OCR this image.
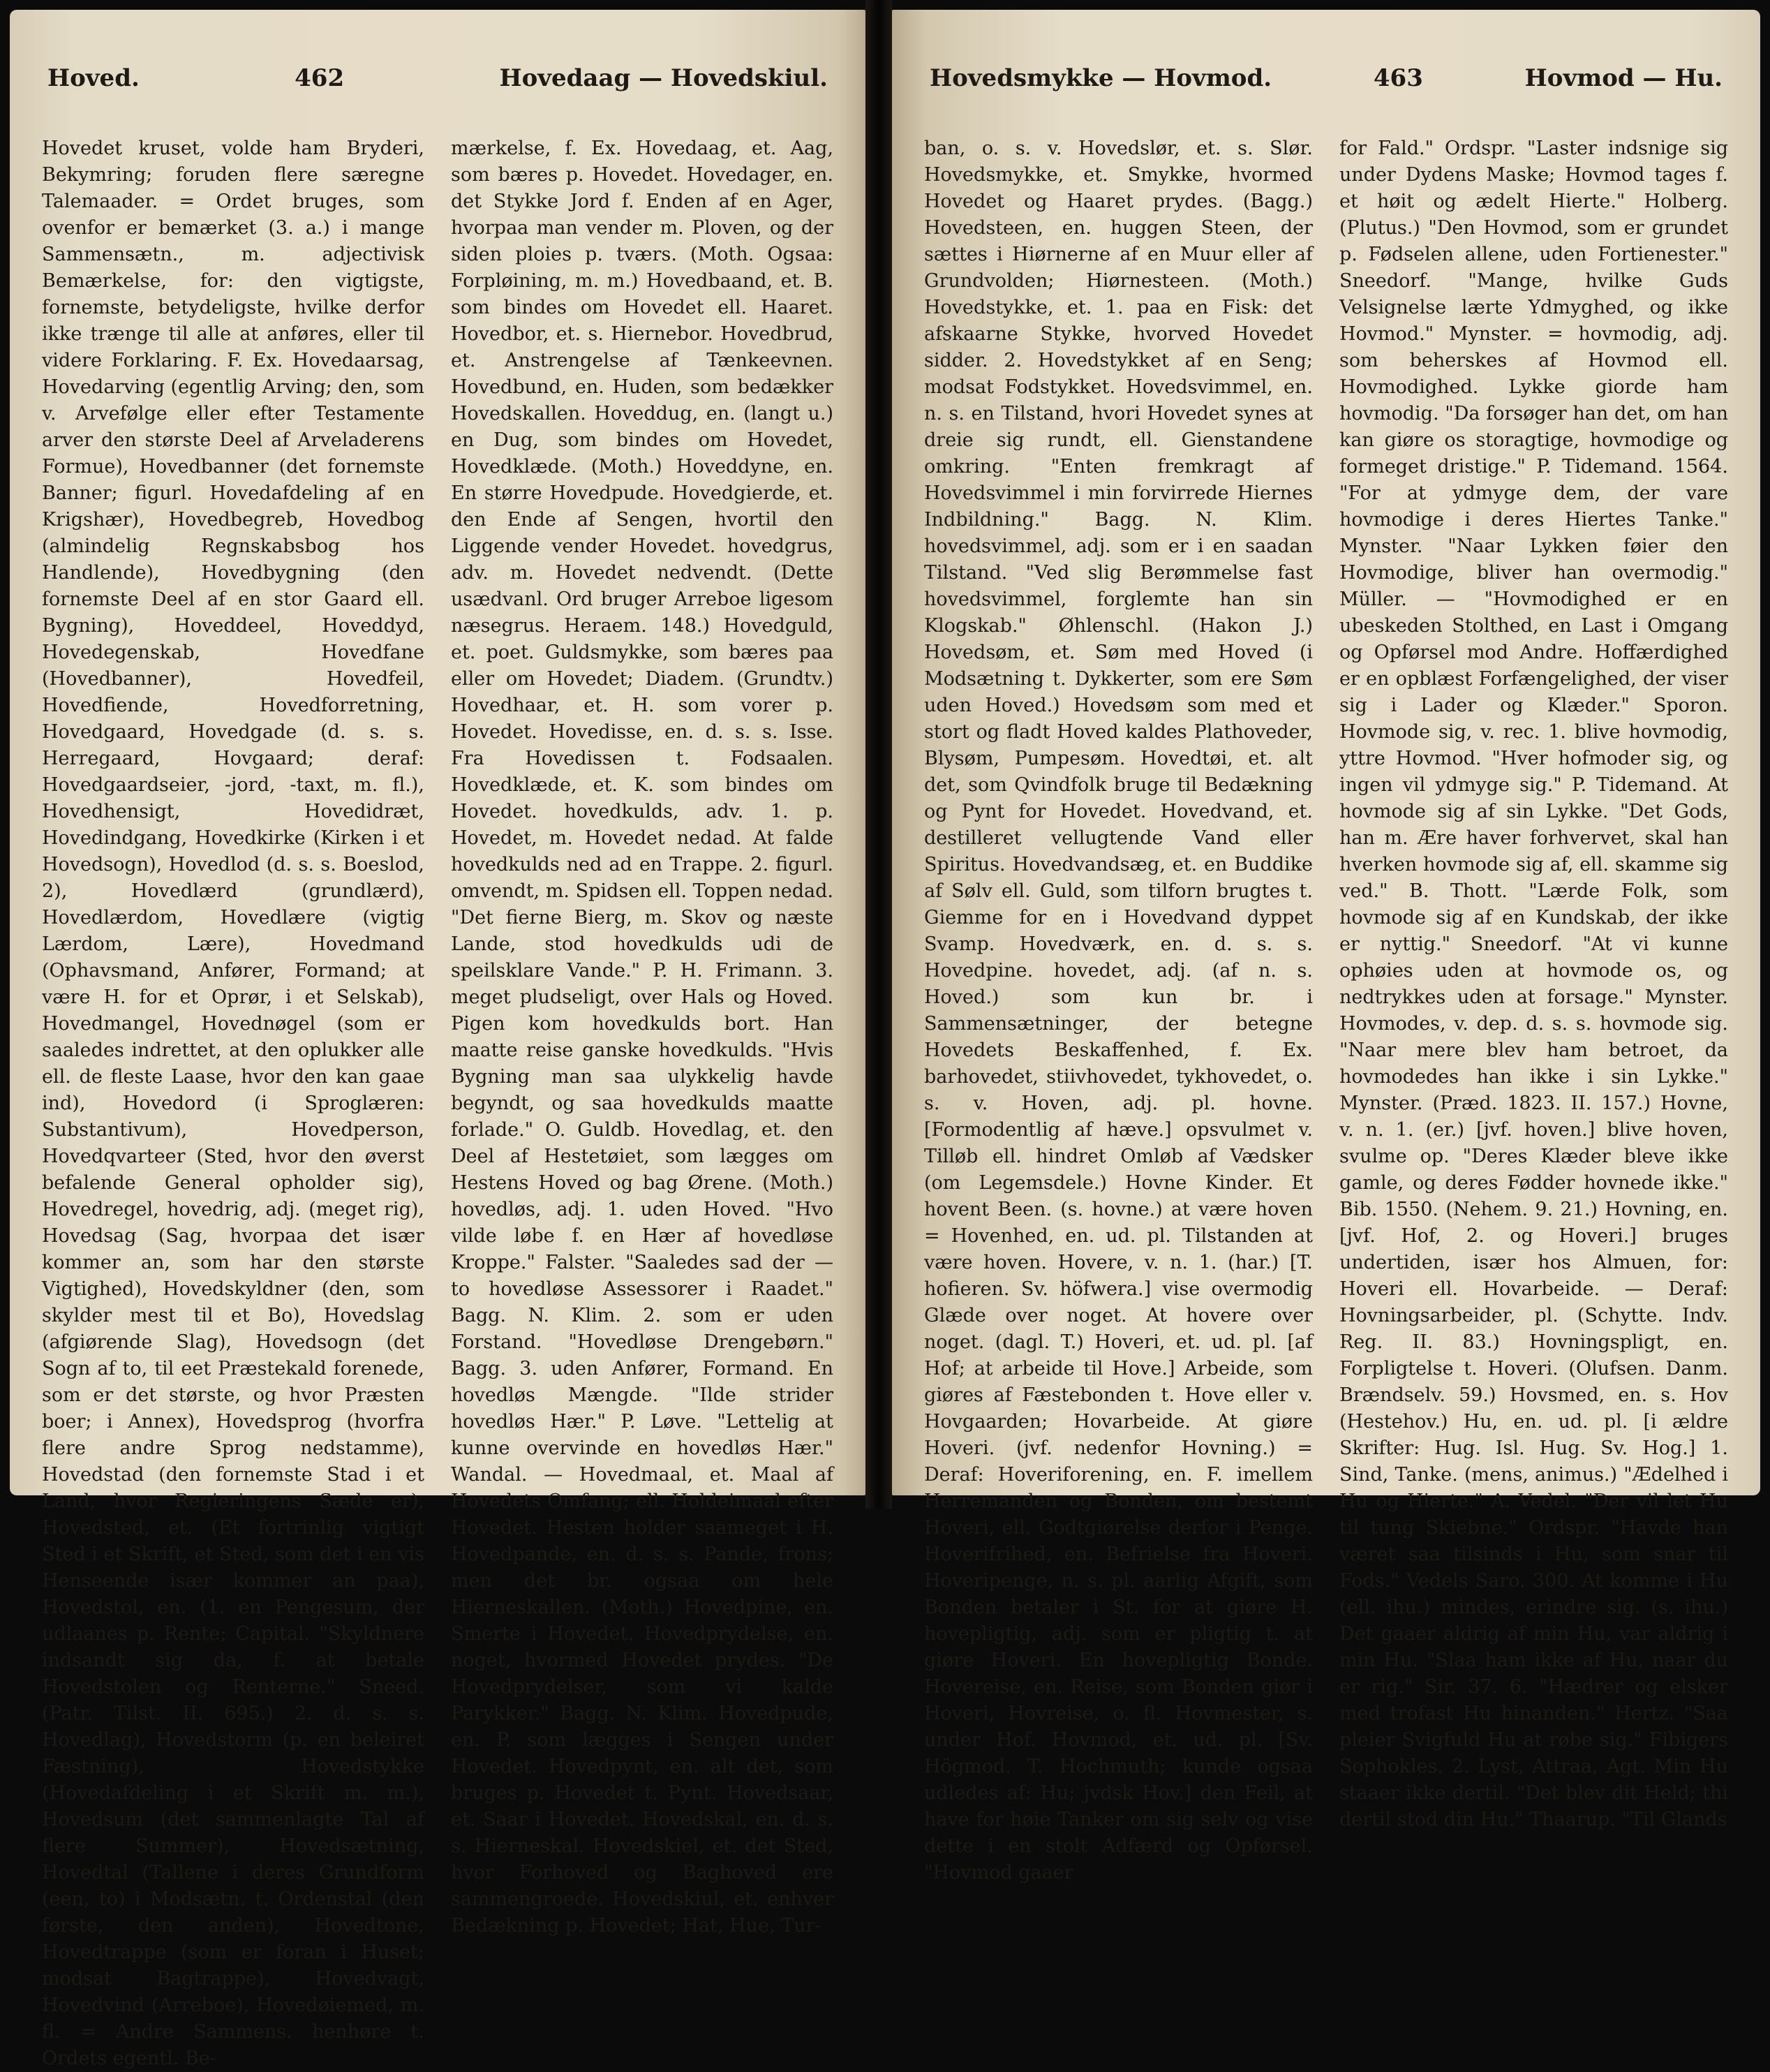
Hoved.	462	Hovedaag — Hovedskiul.

Hovedet kruset, volde ham Bryderi, Bekymring; foruden flere særegne Talemaader. = Ordet bruges, som ovenfor er bemærket (3. a.) i mange Sammensætn., m. adjectivisk Bemærkelse, for: den vigtigste, fornemste, betydeligste, hvilke derfor ikke trænge til alle at anføres, eller til videre Forklaring. F. Ex. Hovedaarsag, Hovedarving (egentlig Arving; den, som v. Arvefølge eller efter Testamente arver den største Deel af Arveladerens Formue), Hovedbanner (det fornemste Banner; figurl. Hovedafdeling af en Krigshær), Hovedbegreb, Hovedbog (almindelig Regnskabsbog hos Handlende), Hovedbygning (den fornemste Deel af en stor Gaard ell. Bygning), Hoveddeel, Hoveddyd, Hovedegenskab, Hovedfane (Hovedbanner), Hovedfeil, Hovedfiende, Hovedforretning, Hovedgaard, Hovedgade (d. s. s. Herregaard, Hovgaard; deraf: Hovedgaardseier, -jord, -taxt, m. fl.), Hovedhensigt, Hovedidræt, Hovedindgang, Hovedkirke (Kirken i et Hovedsogn), Hovedlod (d. s. s. Boeslod, 2), Hovedlærd (grundlærd), Hovedlærdom, Hovedlære (vigtig Lærdom, Lære), Hovedmand (Ophavsmand, Anfører, Formand; at være H. for et Oprør, i et Selskab), Hovedmangel, Hovednøgel (som er saaledes indrettet, at den oplukker alle ell. de fleste Laase, hvor den kan gaae ind), Hovedord (i Sproglæren: Substantivum), Hovedperson, Hovedqvarteer (Sted, hvor den øverst befalende General opholder sig), Hovedregel, hovedrig, adj. (meget rig), Hovedsag (Sag, hvorpaa det især kommer an, som har den største Vigtighed), Hovedskyldner (den, som skylder mest til et Bo), Hovedslag (afgiørende Slag), Hovedsogn (det Sogn af to, til eet Præstekald forenede, som er det største, og hvor Præsten boer; i Annex), Hovedsprog (hvorfra flere andre Sprog nedstamme), Hovedstad (den fornemste Stad i et Land, hvor Regieringens Sæde er), Hovedsted, et. (Et fortrinlig vigtigt Sted i et Skrift, et Sted, som det i en vis Henseende især kommer an paa), Hovedstol, en. (1. en Pengesum, der udlaanes p. Rente; Capital. "Skyldnere indsandt sig da, f. at betale Hovedstolen og Renterne." Sneed. (Patr. Tilst. II. 695.) 2. d. s. s. Hovedlag), Hovedstorm (p. en beleiret Fæstning), Hovedstykke (Hovedafdeling i et Skrift m. m.), Hovedsum (det sammenlagte Tal af flere Summer), Hovedsætning, Hovedtal (Tallene i deres Grundform (een, to) i Modsætn. t. Ordenstal (den første, den anden), Hovedtone, Hovedtrappe (som er foran i Huset; modsat Bagtrappe), Hovedvagt, Hovedvind (Arreboe), Hovedøiemed, m. fl. = Andre Sammens. henhøre t. Ordets egentl. Be-

mærkelse, f. Ex. Hovedaag, et. Aag, som bæres p. Hovedet. Hovedager, en. det Stykke Jord f. Enden af en Ager, hvorpaa man vender m. Ploven, og der siden ploies p. tværs. (Moth. Ogsaa: Forpløining, m. m.) Hovedbaand, et. B. som bindes om Hovedet ell. Haaret. Hovedbor, et. s. Hiernebor. Hovedbrud, et. Anstrengelse af Tænkeevnen. Hovedbund, en. Huden, som bedækker Hovedskallen. Hoveddug, en. (langt u.) en Dug, som bindes om Hovedet, Hovedklæde. (Moth.) Hoveddyne, en. En større Hovedpude. Hovedgierde, et. den Ende af Sengen, hvortil den Liggende vender Hovedet. hovedgrus, adv. m. Hovedet nedvendt. (Dette usædvanl. Ord bruger Arreboe ligesom næsegrus. Heraem. 148.) Hovedguld, et. poet. Guldsmykke, som bæres paa eller om Hovedet; Diadem. (Grundtv.) Hovedhaar, et. H. som vorer p. Hovedet. Hovedisse, en. d. s. s. Isse. Fra Hovedissen t. Fodsaalen. Hovedklæde, et. K. som bindes om Hovedet. hovedkulds, adv. 1. p. Hovedet, m. Hovedet nedad. At falde hovedkulds ned ad en Trappe. 2. figurl. omvendt, m. Spidsen ell. Toppen nedad. "Det fierne Bierg, m. Skov og næste Lande, stod hovedkulds udi de speilsklare Vande." P. H. Frimann. 3. meget pludseligt, over Hals og Hoved. Pigen kom hovedkulds bort. Han maatte reise ganske hovedkulds. "Hvis Bygning man saa ulykkelig havde begyndt, og saa hovedkulds maatte forlade." O. Guldb. Hovedlag, et. den Deel af Hestetøiet, som lægges om Hestens Hoved og bag Ørene. (Moth.) hovedløs, adj. 1. uden Hoved. "Hvo vilde løbe f. en Hær af hovedløse Kroppe." Falster. "Saaledes sad der — to hovedløse Assessorer i Raadet." Bagg. N. Klim. 2. som er uden Forstand. "Hovedløse Drengebørn." Bagg. 3. uden Anfører, Formand. En hovedløs Mængde. "Ilde strider hovedløs Hær." P. Løve. "Lettelig at kunne overvinde en hovedløs Hær." Wandal. — Hovedmaal, et. Maal af Hovedets Omfang; ell. Holdeimaal efter Hovedet. Hesten holder saameget i H. Hovedpande, en. d. s. s. Pande, frons; men det br. ogsaa om hele Hierneskallen. (Moth.) Hovedpine, en. Smerte i Hovedet. Hovedprydelse, en. noget, hvormed Hovedet prydes. "De Hovedprydelser, som vi kalde Parykker." Bagg. N. Klim. Hovedpude, en. P. som lægges i Sengen under Hovedet. Hovedpynt, en. alt det, som bruges p. Hovedet t. Pynt. Hovedsaar, et. Saar i Hovedet. Hovedskal, en. d. s. s. Hierneskal. Hovedskiel, et. det Sted, hvor Forhoved og Baghoved ere sammengroede. Hovedskiul, et. enhver Bedækning p. Hovedet; Hat, Hue, Tur-

Hovedsmykke — Hovmod.	463	Hovmod — Hu.

ban, o. s. v. Hovedslør, et. s. Slør. Hovedsmykke, et. Smykke, hvormed Hovedet og Haaret prydes. (Bagg.) Hovedsteen, en. huggen Steen, der sættes i Hiørnerne af en Muur eller af Grundvolden; Hiørnesteen. (Moth.) Hovedstykke, et. 1. paa en Fisk: det afskaarne Stykke, hvorved Hovedet sidder. 2. Hovedstykket af en Seng; modsat Fodstykket. Hovedsvimmel, en. n. s. en Tilstand, hvori Hovedet synes at dreie sig rundt, ell. Gienstandene omkring. "Enten fremkragt af Hovedsvimmel i min forvirrede Hiernes Indbildning." Bagg. N. Klim. hovedsvimmel, adj. som er i en saadan Tilstand. "Ved slig Berømmelse fast hovedsvimmel, forglemte han sin Klogskab." Øhlenschl. (Hakon J.) Hovedsøm, et. Søm med Hoved (i Modsætning t. Dykkerter, som ere Søm uden Hoved.) Hovedsøm som med et stort og fladt Hoved kaldes Plathoveder, Blysøm, Pumpesøm. Hovedtøi, et. alt det, som Qvindfolk bruge til Bedækning og Pynt for Hovedet. Hovedvand, et. destilleret vellugtende Vand eller Spiritus. Hovedvandsæg, et. en Buddike af Sølv ell. Guld, som tilforn brugtes t. Giemme for en i Hovedvand dyppet Svamp. Hovedværk, en. d. s. s. Hovedpine. hovedet, adj. (af n. s. Hoved.) som kun br. i Sammensætninger, der betegne Hovedets Beskaffenhed, f. Ex. barhovedet, stiivhovedet, tykhovedet, o. s. v. Hoven, adj. pl. hovne. [Formodentlig af hæve.] opsvulmet v. Tilløb ell. hindret Omløb af Vædsker (om Legemsdele.) Hovne Kinder. Et hovent Been. (s. hovne.) at være hoven = Hovenhed, en. ud. pl. Tilstanden at være hoven. Hovere, v. n. 1. (har.) [T. hofieren. Sv. höfwera.] vise overmodig Glæde over noget. At hovere over noget. (dagl. T.) Hoveri, et. ud. pl. [af Hof; at arbeide til Hove.] Arbeide, som giøres af Fæstebonden t. Hove eller v. Hovgaarden; Hovarbeide. At giøre Hoveri. (jvf. nedenfor Hovning.) = Deraf: Hoveriforening, en. F. imellem Herremanden og Bonden, om bestemt Hoveri, ell. Godtgiørelse derfor i Penge. Hoverifrihed, en. Befrielse fra Hoveri. Hoveripenge, n. s. pl. aarlig Afgift, som Bonden betaler i St. for at giøre H. hovepligtig, adj. som er pligtig t. at giøre Hoveri. En hovepligtig Bonde. Hovereise, en. Reise, som Bonden giør i Hoveri, Hovreise, o. fl. Hovmester, s. under Hof. Hovmod, et. ud. pl. [Sv. Högmod. T. Hochmuth; kunde ogsaa udledes af: Hu; jvdsk Hov.] den Feil, at have for høie Tanker om sig selv og vise dette i en stolt Adfærd og Opførsel. "Hovmod gaaer

for Fald." Ordspr. "Laster indsnige sig under Dydens Maske; Hovmod tages f. et høit og ædelt Hierte." Holberg. (Plutus.) "Den Hovmod, som er grundet p. Fødselen allene, uden Fortienester." Sneedorf. "Mange, hvilke Guds Velsignelse lærte Ydmyghed, og ikke Hovmod." Mynster. = hovmodig, adj. som beherskes af Hovmod ell. Hovmodighed. Lykke giorde ham hovmodig. "Da forsøger han det, om han kan giøre os storagtige, hovmodige og formeget dristige." P. Tidemand. 1564. "For at ydmyge dem, der vare hovmodige i deres Hiertes Tanke." Mynster. "Naar Lykken føier den Hovmodige, bliver han overmodig." Müller. — "Hovmodighed er en ubeskeden Stolthed, en Last i Omgang og Opførsel mod Andre. Hoffærdighed er en opblæst Forfængelighed, der viser sig i Lader og Klæder." Sporon. Hovmode sig, v. rec. 1. blive hovmodig, yttre Hovmod. "Hver hofmoder sig, og ingen vil ydmyge sig." P. Tidemand. At hovmode sig af sin Lykke. "Det Gods, han m. Ære haver forhvervet, skal han hverken hovmode sig af, ell. skamme sig ved." B. Thott. "Lærde Folk, som hovmode sig af en Kundskab, der ikke er nyttig." Sneedorf. "At vi kunne ophøies uden at hovmode os, og nedtrykkes uden at forsage." Mynster. Hovmodes, v. dep. d. s. s. hovmode sig. "Naar mere blev ham betroet, da hovmodedes han ikke i sin Lykke." Mynster. (Præd. 1823. II. 157.) Hovne, v. n. 1. (er.) [jvf. hoven.] blive hoven, svulme op. "Deres Klæder bleve ikke gamle, og deres Fødder hovnede ikke." Bib. 1550. (Nehem. 9. 21.) Hovning, en. [jvf. Hof, 2. og Hoveri.] bruges undertiden, især hos Almuen, for: Hoveri ell. Hovarbeide. — Deraf: Hovningsarbeider, pl. (Schytte. Indv. Reg. II. 83.) Hovningspligt, en. Forpligtelse t. Hoveri. (Olufsen. Danm. Brændselv. 59.) Hovsmed, en. s. Hov (Hestehov.) Hu, en. ud. pl. [i ældre Skrifter: Hug. Isl. Hug. Sv. Hog.] 1. Sind, Tanke. (mens, animus.) "Ædelhed i Hu og Hierte." A. Vedel. "Der vil let Hu til tung Skiebne." Ordspr. "Havde han været saa tilsinds i Hu, som snar til Fods." Vedels Saro. 300. At komme i Hu (ell. ihu.) mindes, erindre sig. (s. ihu.) Det gaaer aldrig af min Hu, var aldrig i min Hu. "Slaa ham ikke af Hu, naar du er rig." Sir. 37. 6. "Hædrer og elsker med trofast Hu hinanden." Hertz. "Saa pleier Svigfuld Hu at røbe sig." Fibigers Sophokles. 2. Lyst, Attraa, Agt. Min Hu staaer ikke dertil. "Det blev dit Held; thi dertil stod din Hu." Thaarup. "Til Glands
